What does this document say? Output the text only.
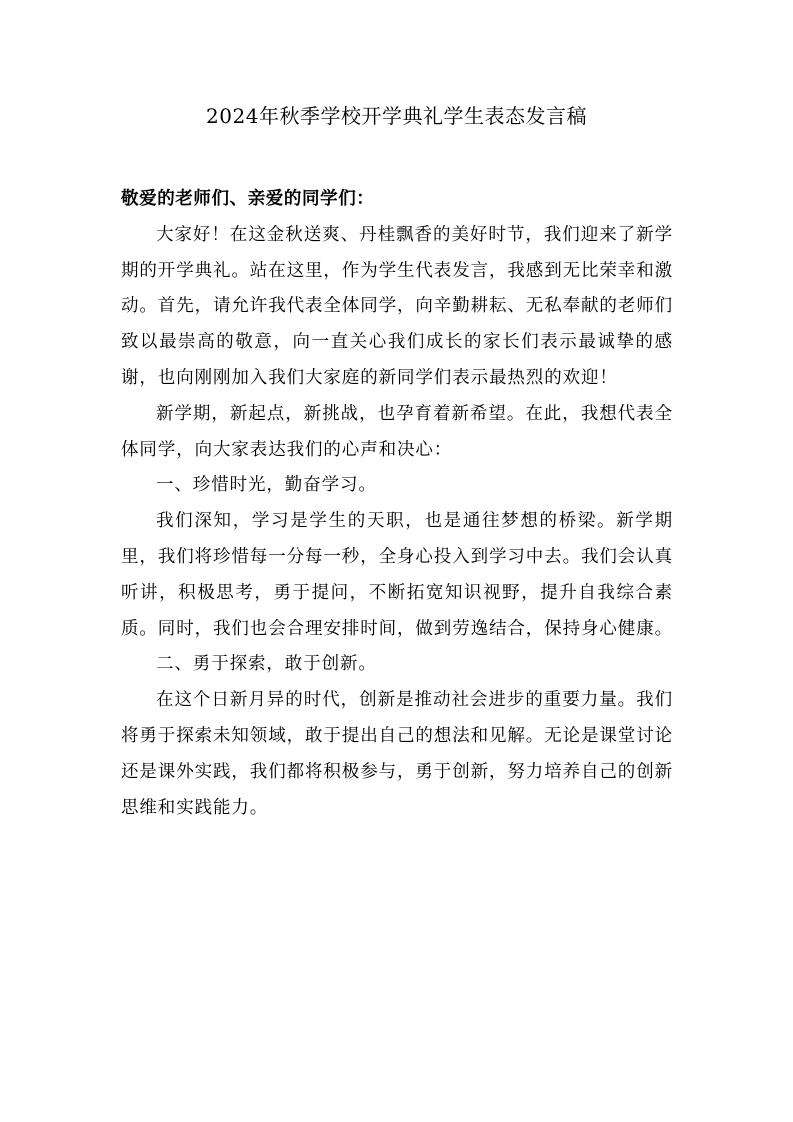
2024年秋季学校开学典礼学生表态发言稿

敬爱的老师们、亲爱的同学们：

大家好！在这金秋送爽、丹桂飘香的美好时节，我们迎来了新学期的开学典礼。站在这里，作为学生代表发言，我感到无比荣幸和激动。首先，请允许我代表全体同学，向辛勤耕耘、无私奉献的老师们致以最崇高的敬意，向一直关心我们成长的家长们表示最诚挚的感谢，也向刚刚加入我们大家庭的新同学们表示最热烈的欢迎！

新学期，新起点，新挑战，也孕育着新希望。在此，我想代表全体同学，向大家表达我们的心声和决心：

一、珍惜时光，勤奋学习。

我们深知，学习是学生的天职，也是通往梦想的桥梁。新学期里，我们将珍惜每一分每一秒，全身心投入到学习中去。我们会认真听讲，积极思考，勇于提问，不断拓宽知识视野，提升自我综合素质。同时，我们也会合理安排时间，做到劳逸结合，保持身心健康。

二、勇于探索，敢于创新。

在这个日新月异的时代，创新是推动社会进步的重要力量。我们将勇于探索未知领域，敢于提出自己的想法和见解。无论是课堂讨论还是课外实践，我们都将积极参与，勇于创新，努力培养自己的创新思维和实践能力。
